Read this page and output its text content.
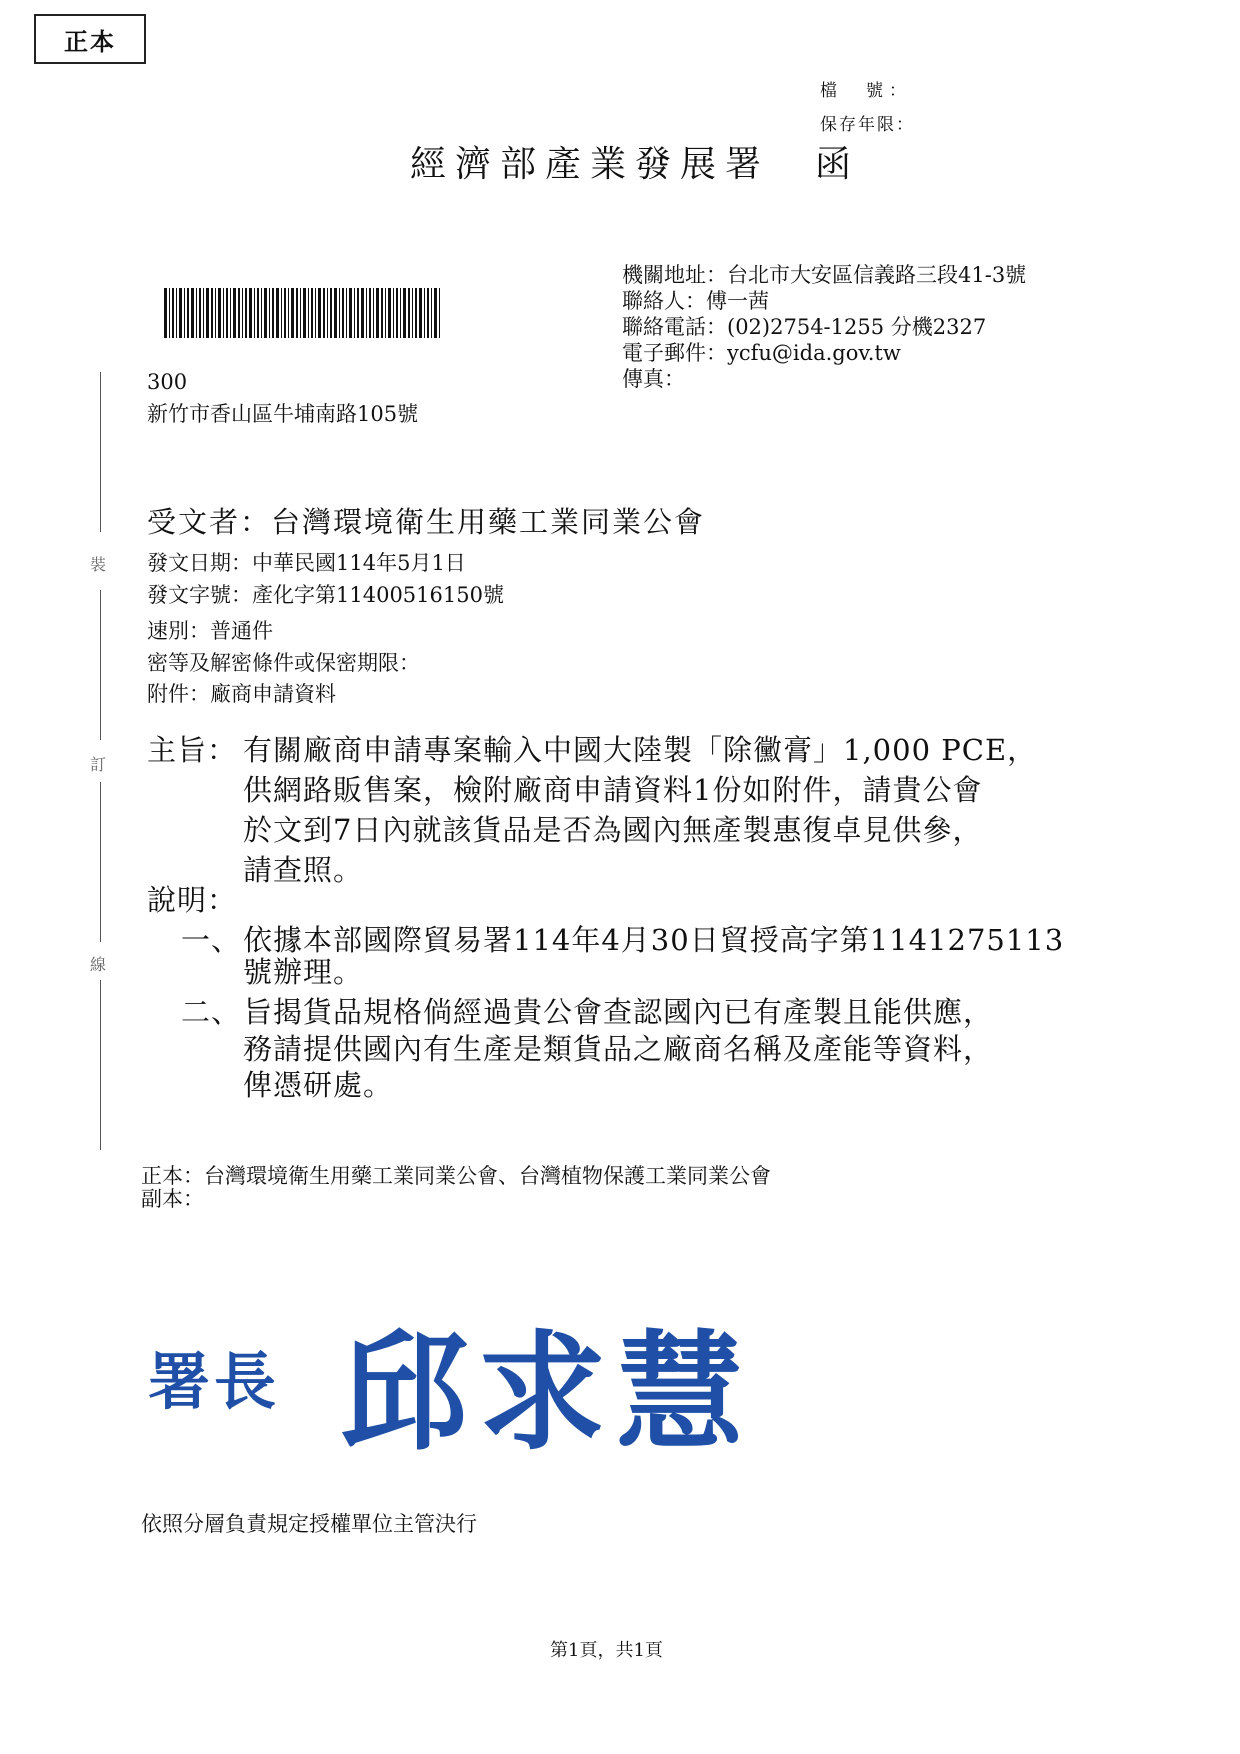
正本
檔　號：
保存年限：
經濟部產業發展署　函
機關地址：台北市大安區信義路三段41-3號
聯絡人：傅一茜
聯絡電話：(02)2754-1255 分機2327
電子郵件：ycfu@ida.gov.tw
傳真：
300
新竹市香山區牛埔南路105號
裝
訂
線
受文者：台灣環境衛生用藥工業同業公會
發文日期：中華民國114年5月1日
發文字號：產化字第11400516150號
速別：普通件
密等及解密條件或保密期限：
附件：廠商申請資料
主旨： 有關廠商申請專案輸入中國大陸製「除黴膏」1,000 PCE，
供網路販售案，檢附廠商申請資料1份如附件，請貴公會
於文到7日內就該貨品是否為國內無產製惠復卓見供參，
請查照。
說明：
一、 依據本部國際貿易署114年4月30日貿授高字第1141275113
號辦理。
二、 旨揭貨品規格倘經過貴公會查認國內已有產製且能供應，
務請提供國內有生產是類貨品之廠商名稱及產能等資料，
俾憑研處。
正本：台灣環境衛生用藥工業同業公會、台灣植物保護工業同業公會
副本：
署長 邱求慧
依照分層負責規定授權單位主管決行
第1頁，共1頁
